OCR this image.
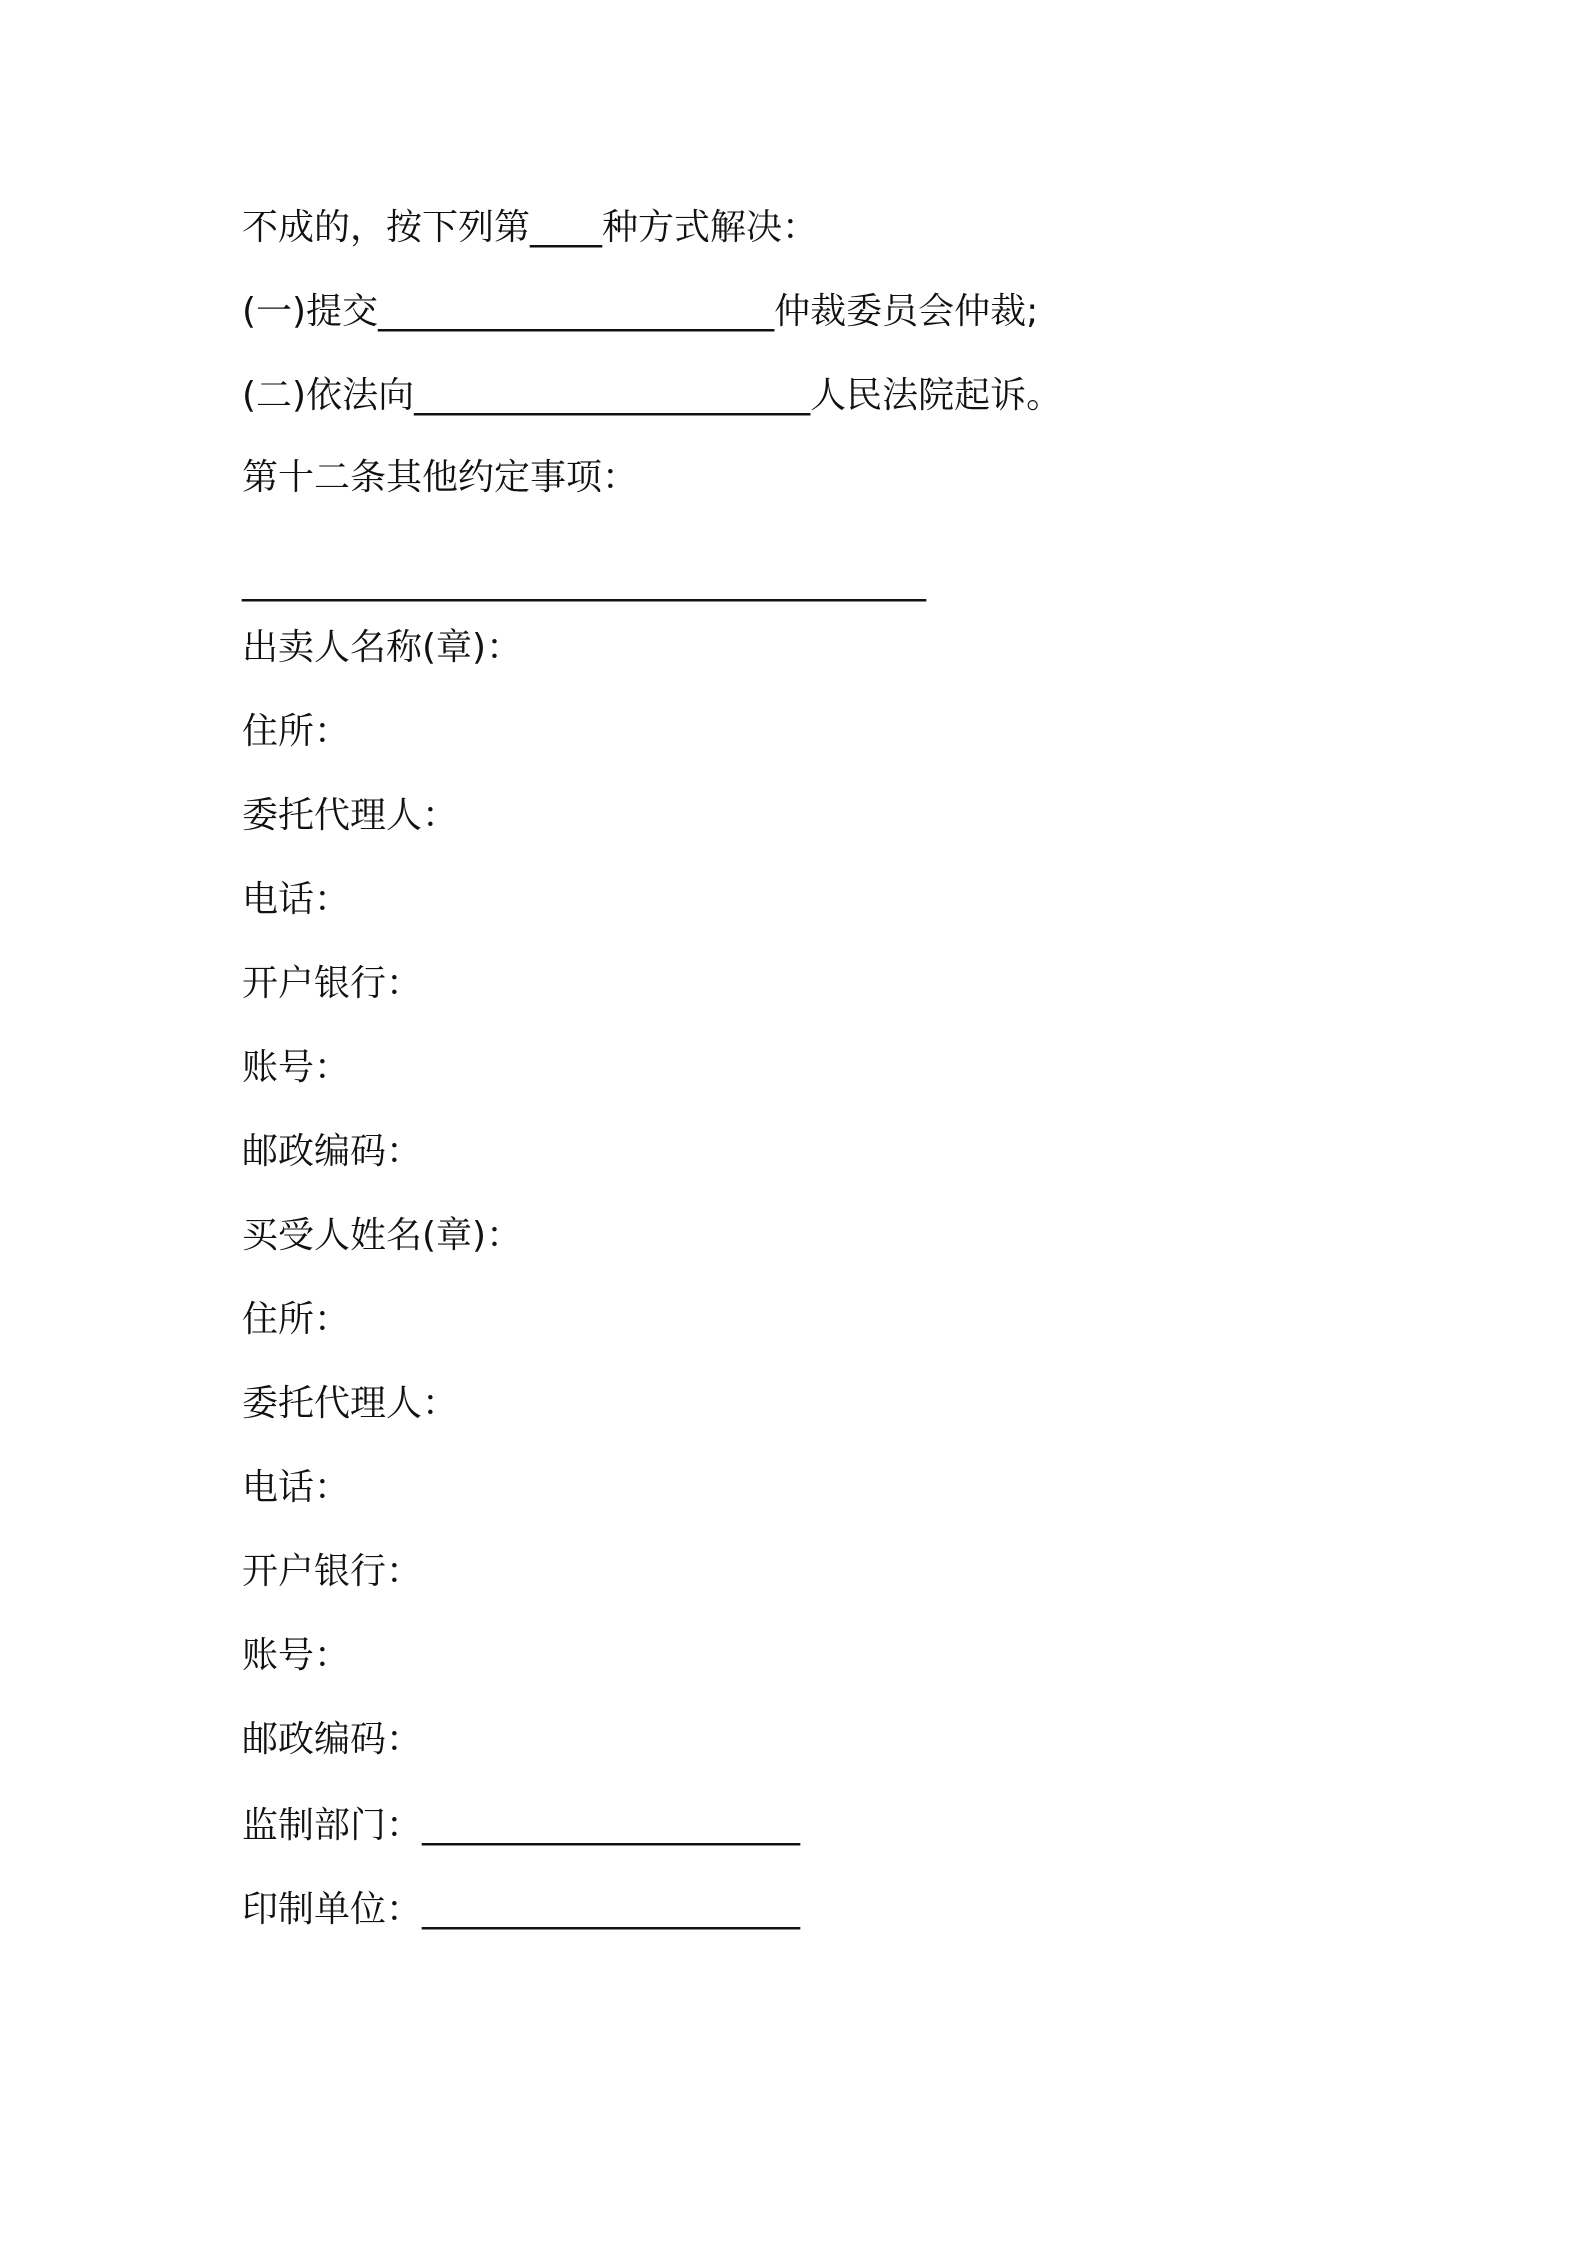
不成的，按下列第____种方式解决：
(一)提交______________________仲裁委员会仲裁;
(二)依法向______________________人民法院起诉。
第十二条其他约定事项：
______________________________________
出卖人名称(章)：
住所：
委托代理人：
电话：
开户银行：
账号：
邮政编码：
买受人姓名(章)：
住所：
委托代理人：
电话：
开户银行：
账号：
邮政编码：
监制部门：_____________________
印制单位：_____________________
